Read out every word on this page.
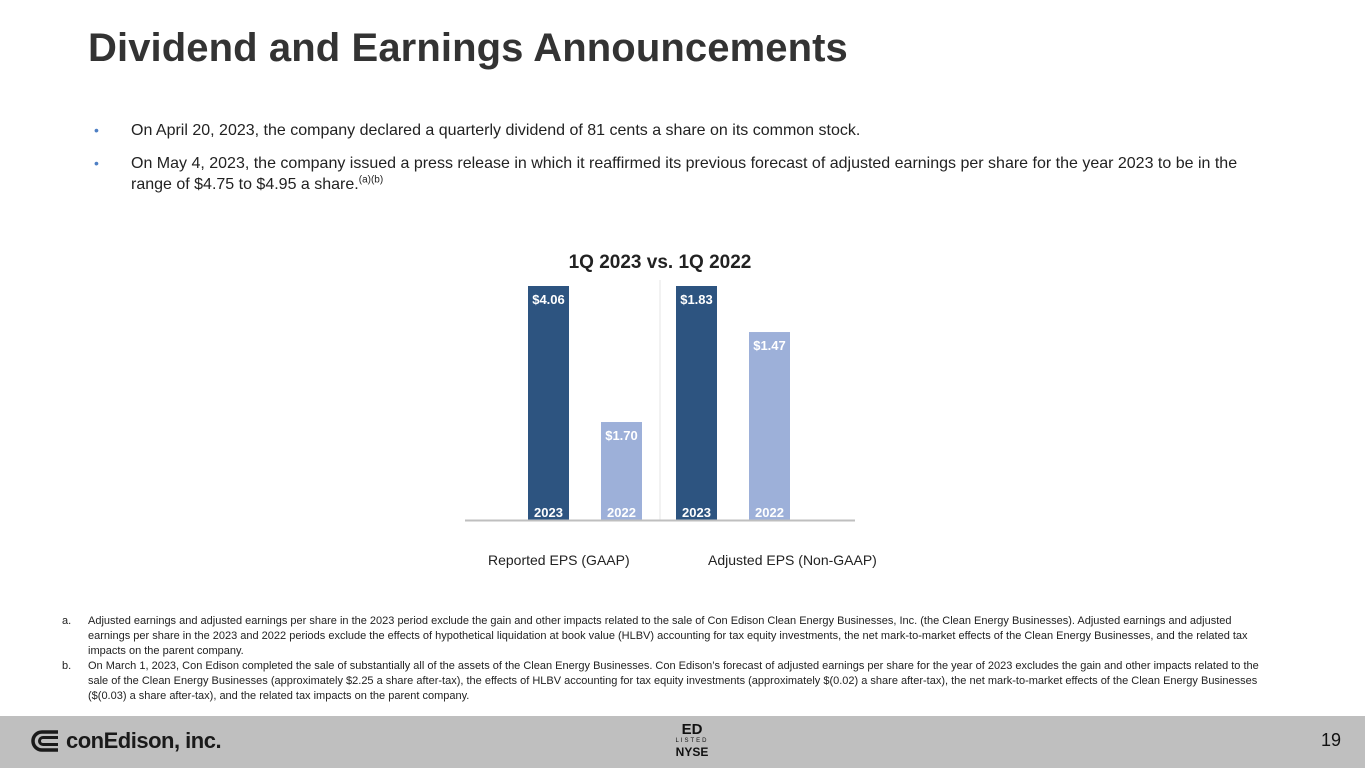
Dividend and Earnings Announcements
• On April 20, 2023, the company declared a quarterly dividend of 81 cents a share on its common stock.
• On May 4, 2023, the company issued a press release in which it reaffirmed its previous forecast of adjusted earnings per share for the year 2023 to be in the range of $4.75 to $4.95 a share.$^{(a)(b)}$
1Q 2023 vs. 1Q 2022
$4.06
2023
$1.70
2022
$1.83
2023
$1.47
2022
Reported EPS (GAAP)	Adjusted EPS (Non-GAAP)
a. Adjusted earnings and adjusted earnings per share in the 2023 period exclude the gain and other impacts related to the sale of Con Edison Clean Energy Businesses, Inc. (the Clean Energy Businesses). Adjusted earnings and adjusted earnings per share in the 2023 and 2022 periods exclude the effects of hypothetical liquidation at book value (HLBV) accounting for tax equity investments, the net mark-to-market effects of the Clean Energy Businesses, and the related tax impacts on the parent company.
b. On March 1, 2023, Con Edison completed the sale of substantially all of the assets of the Clean Energy Businesses. Con Edison’s forecast of adjusted earnings per share for the year of 2023 excludes the gain and other impacts related to the sale of the Clean Energy Businesses (approximately $2.25 a share after-tax), the effects of HLBV accounting for tax equity investments (approximately $(0.02) a share after-tax), the net mark-to-market effects of the Clean Energy Businesses ($(0.03) a share after-tax), and the related tax impacts on the parent company.
conEdison, inc.	ED
LISTED
NYSE
19
